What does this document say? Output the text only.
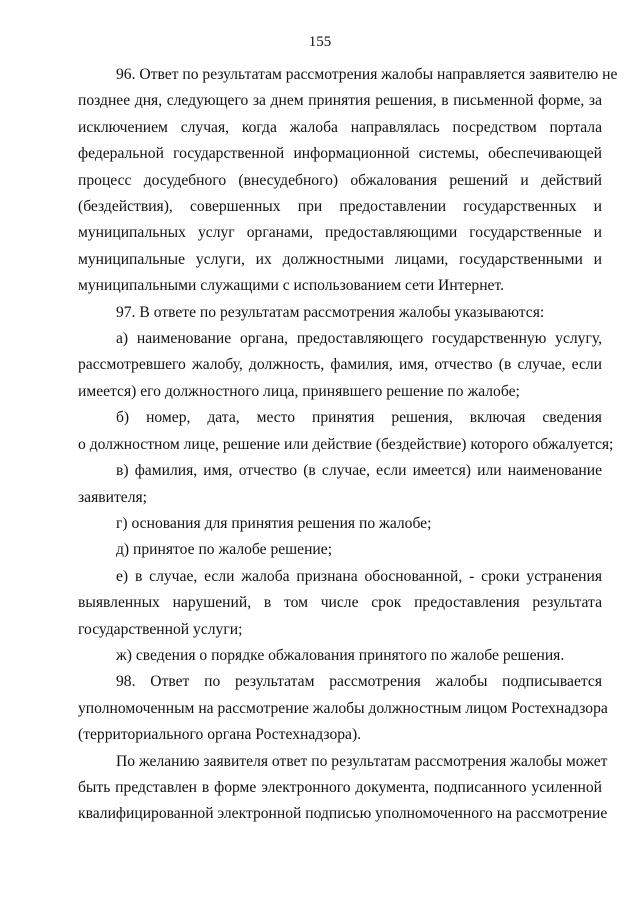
155
96. Ответ по результатам рассмотрения жалобы направляется заявителю не
позднее дня, следующего за днем принятия решения, в письменной форме, за
исключением случая, когда жалоба направлялась посредством портала
федеральной государственной информационной системы, обеспечивающей
процесс досудебного (внесудебного) обжалования решений и действий
(бездействия), совершенных при предоставлении государственных и
муниципальных услуг органами, предоставляющими государственные и
муниципальные услуги, их должностными лицами, государственными и
муниципальными служащими с использованием сети Интернет.
97. В ответе по результатам рассмотрения жалобы указываются:
а) наименование органа, предоставляющего государственную услугу,
рассмотревшего жалобу, должность, фамилия, имя, отчество (в случае, если
имеется) его должностного лица, принявшего решение по жалобе;
б) номер, дата, место принятия решения, включая сведения
о должностном лице, решение или действие (бездействие) которого обжалуется;
в) фамилия, имя, отчество (в случае, если имеется) или наименование
заявителя;
г) основания для принятия решения по жалобе;
д) принятое по жалобе решение;
е) в случае, если жалоба признана обоснованной, - сроки устранения
выявленных нарушений, в том числе срок предоставления результата
государственной услуги;
ж) сведения о порядке обжалования принятого по жалобе решения.
98. Ответ по результатам рассмотрения жалобы подписывается
уполномоченным на рассмотрение жалобы должностным лицом Ростехнадзора
(территориального органа Ростехнадзора).
По желанию заявителя ответ по результатам рассмотрения жалобы может
быть представлен в форме электронного документа, подписанного усиленной
квалифицированной электронной подписью уполномоченного на рассмотрение
